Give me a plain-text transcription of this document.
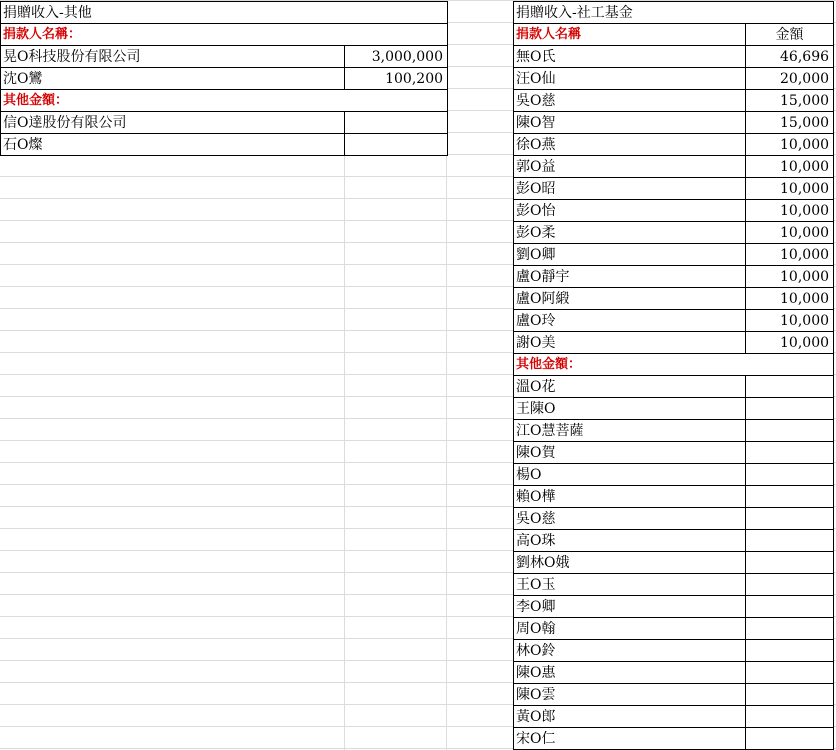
捐贈收入-其他	
捐款人名稱：	
晃O科技股份有限公司	3,000,000
沈O鸞	100,200
其他金額：	
信O達股份有限公司	
石O燦	
捐贈收入-社工基金	
捐款人名稱	金額
無O氏	46,696
汪O仙	20,000
吳O慈	15,000
陳O智	15,000
徐O燕	10,000
郭O益	10,000
彭O昭	10,000
彭O怡	10,000
彭O柔	10,000
劉O卿	10,000
盧O靜宇	10,000
盧O阿緞	10,000
盧O玲	10,000
謝O美	10,000
其他金額：	
溫O花	
王陳O	
江O慧菩薩	
陳O賀	
楊O	
賴O樺	
吳O慈	
高O珠	
劉林O娥	
王O玉	
李O卿	
周O翰	
林O鈴	
陳O惠	
陳O雲	
黃O郎	
宋O仁	
